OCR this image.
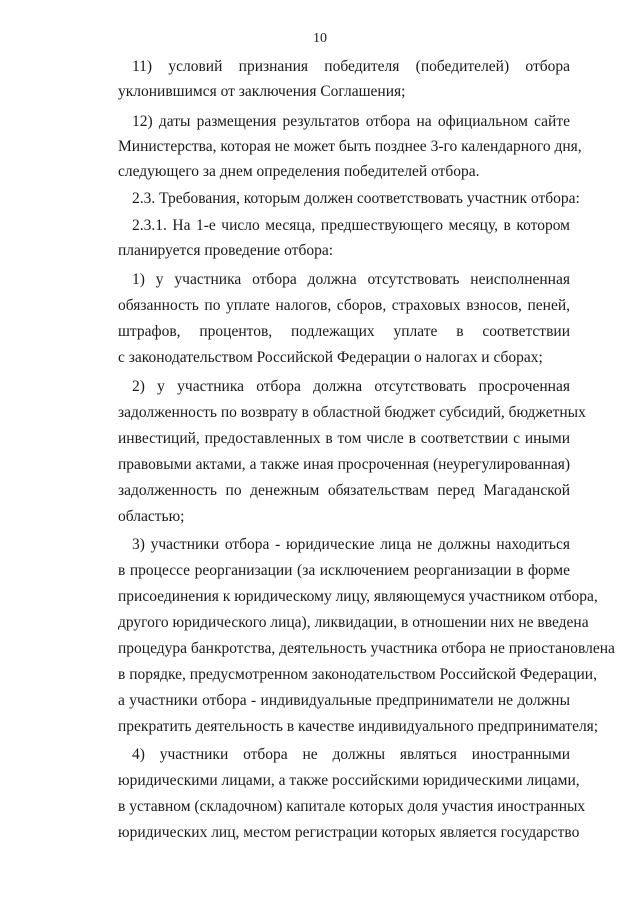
10
11) условий признания победителя (победителей) отбора
уклонившимся от заключения Соглашения;
12) даты размещения результатов отбора на официальном сайте
Министерства, которая не может быть позднее 3-го календарного дня,
следующего за днем определения победителей отбора.
2.3. Требования, которым должен соответствовать участник отбора:
2.3.1. На 1-е число месяца, предшествующего месяцу, в котором
планируется проведение отбора:
1) у участника отбора должна отсутствовать неисполненная
обязанность по уплате налогов, сборов, страховых взносов, пеней,
штрафов, процентов, подлежащих уплате в соответствии
с законодательством Российской Федерации о налогах и сборах;
2) у участника отбора должна отсутствовать просроченная
задолженность по возврату в областной бюджет субсидий, бюджетных
инвестиций, предоставленных в том числе в соответствии с иными
правовыми актами, а также иная просроченная (неурегулированная)
задолженность по денежным обязательствам перед Магаданской
областью;
3) участники отбора - юридические лица не должны находиться
в процессе реорганизации (за исключением реорганизации в форме
присоединения к юридическому лицу, являющемуся участником отбора,
другого юридического лица), ликвидации, в отношении них не введена
процедура банкротства, деятельность участника отбора не приостановлена
в порядке, предусмотренном законодательством Российской Федерации,
а участники отбора - индивидуальные предприниматели не должны
прекратить деятельность в качестве индивидуального предпринимателя;
4) участники отбора не должны являться иностранными
юридическими лицами, а также российскими юридическими лицами,
в уставном (складочном) капитале которых доля участия иностранных
юридических лиц, местом регистрации которых является государство
